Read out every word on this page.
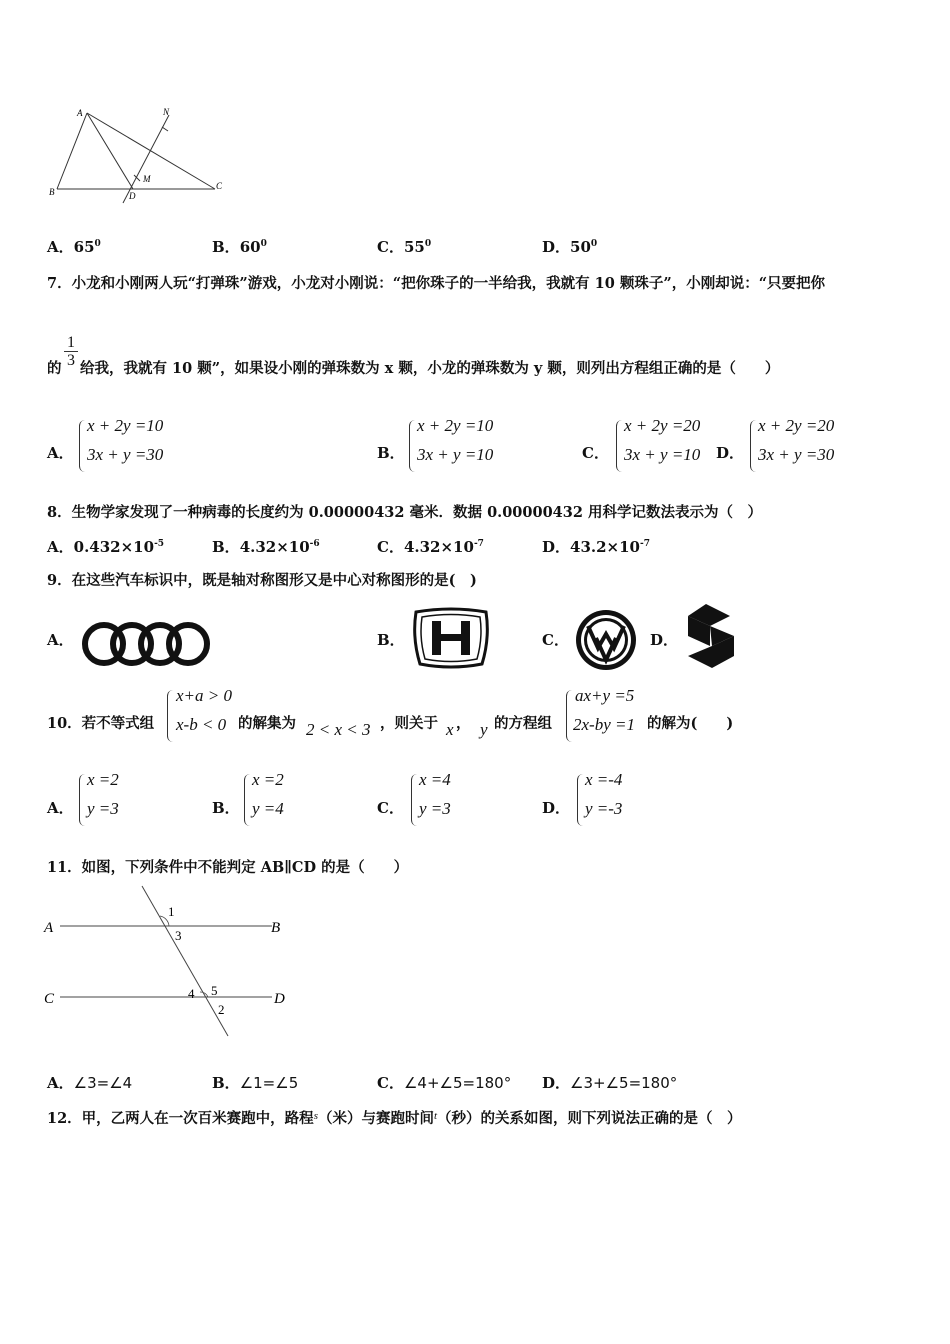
A
B
C
D
M
N
A．$65^0$	B．$60^0$	C．$55^0$	D．$50^0$
7．小龙和小刚两人玩“打弹珠”游戏，小龙对小刚说：“把你珠子的一半给我，我就有 10 颗珠子”，小刚却说：“只要把你
$\frac{1}{3}$
的 给我，我就有 10 颗”，如果设小刚的弹珠数为 x 颗，小龙的弹珠数为 y 颗，则列出方程组正确的是（　　）
A．
x + 2y =10
3x + y =30	B．
x + 2y =10
3x + y =10	C．
x + 2y =20
3x + y =10 D．
x + 2y =20
3x + y =30
8．生物学家发现了一种病毒的长度约为 0.00000432 毫米．数据 0.00000432 用科学记数法表示为（　）
A．$0.432\times 10^{-5}$	B．$4.32\times 10^{-6}$	C．$4.32\times 10^{-7}$	D．$43.2\times 10^{-7}$
9．在这些汽车标识中，既是轴对称图形又是中心对称图形的是(　)
A．	B．	C．	D．
10．若不等式组
x+a > 0
x-b < 0 的解集为 2 < x < 3 ，则关于 x ， y 的方程组
ax+y =5
2x-by =1 的解为(　　)
A．
x =2
y =3	B．
x =2
y =4	C．
x =4
y =3	D．
x =-4
y =-3
11．如图，下列条件中不能判定 AB∥CD 的是（　　）
A	B
C	D
1
3
4 5
2
A．∠3=∠4	B．∠1=∠5	C．∠4+∠5=180° D．∠3+∠5=180°
12．甲，乙两人在一次百米赛跑中，路程$^s$（米）与赛跑时间$^t$（秒）的关系如图，则下列说法正确的是（　）
